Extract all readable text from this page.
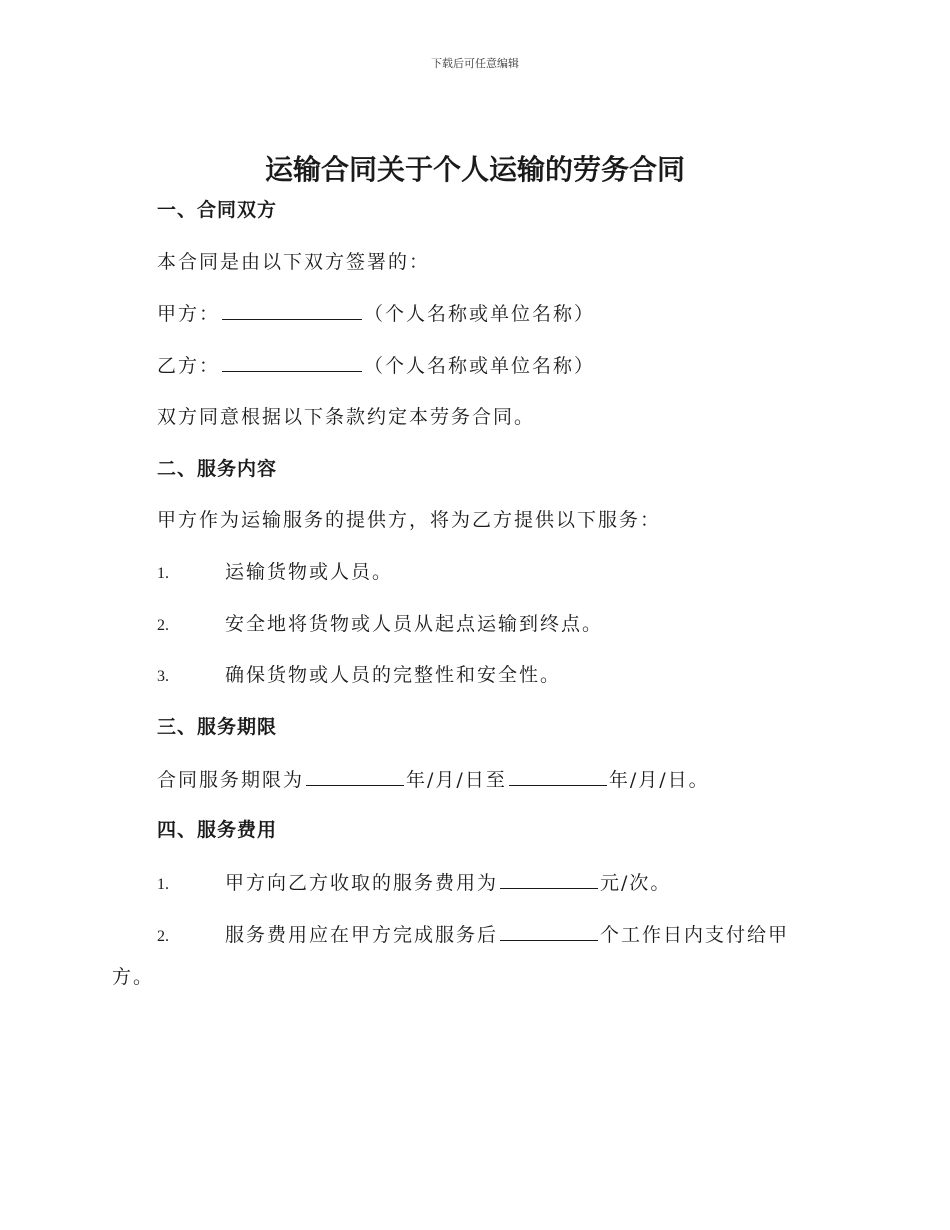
下载后可任意编辑
运输合同关于个人运输的劳务合同
一、合同双方
本合同是由以下双方签署的：
甲方：	（个人名称或单位名称）
乙方：	（个人名称或单位名称）
双方同意根据以下条款约定本劳务合同。
二、服务内容
甲方作为运输服务的提供方，将为乙方提供以下服务：
1.	运输货物或人员。
2.	安全地将货物或人员从起点运输到终点。
3.	确保货物或人员的完整性和安全性。
三、服务期限
合同服务期限为	年/月/日至	年/月/日。
四、服务费用
1.	甲方向乙方收取的服务费用为	元/次。
2.	服务费用应在甲方完成服务后	个工作日内支付给甲
方。
